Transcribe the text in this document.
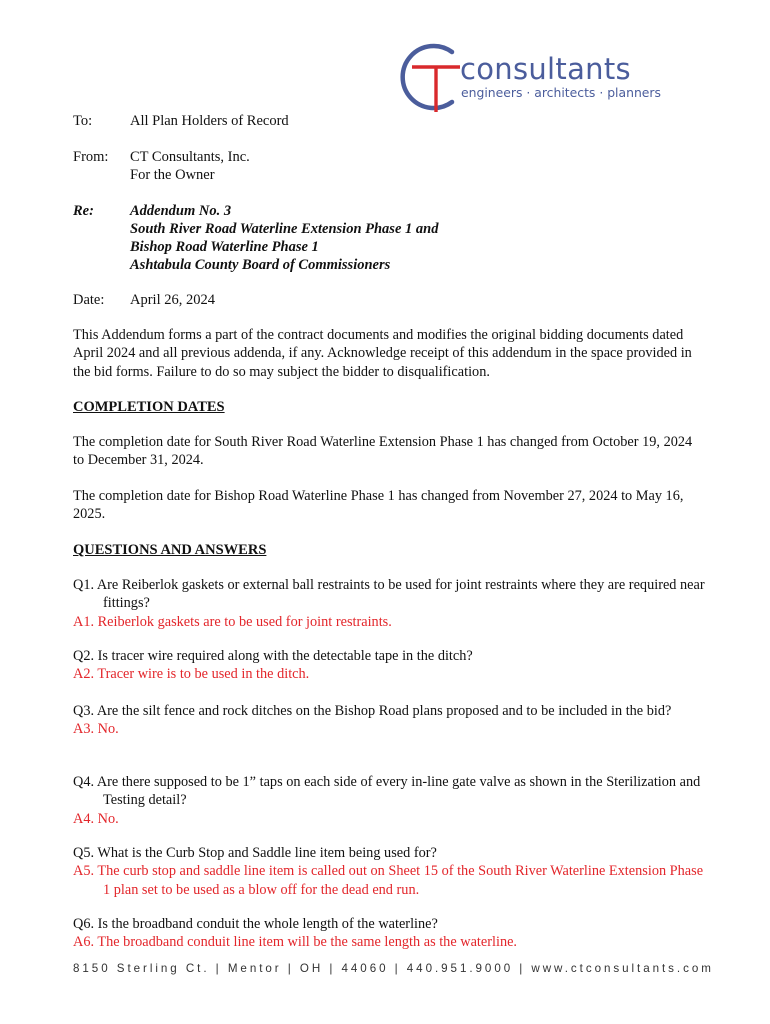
consultants
engineers · architects · planners
To:	All Plan Holders of Record
From:	CT Consultants, Inc.
For the Owner
Re:	Addendum No. 3
South River Road Waterline Extension Phase 1 and
Bishop Road Waterline Phase 1
Ashtabula County Board of Commissioners
Date:	April 26, 2024

This Addendum forms a part of the contract documents and modifies the original bidding documents dated April 2024 and all previous addenda, if any. Acknowledge receipt of this addendum in the space provided in the bid forms. Failure to do so may subject the bidder to disqualification.

COMPLETION DATES

The completion date for South River Road Waterline Extension Phase 1 has changed from October 19, 2024 to December 31, 2024.

The completion date for Bishop Road Waterline Phase 1 has changed from November 27, 2024 to May 16, 2025.

QUESTIONS AND ANSWERS

Q1. Are Reiberlok gaskets or external ball restraints to be used for joint restraints where they are required near fittings?

A1. Reiberlok gaskets are to be used for joint restraints.

Q2. Is tracer wire required along with the detectable tape in the ditch?

A2. Tracer wire is to be used in the ditch.

Q3. Are the silt fence and rock ditches on the Bishop Road plans proposed and to be included in the bid?

A3. No.

Q4. Are there supposed to be 1” taps on each side of every in-line gate valve as shown in the Sterilization and Testing detail?

A4. No.

Q5. What is the Curb Stop and Saddle line item being used for?

A5. The curb stop and saddle line item is called out on Sheet 15 of the South River Waterline Extension Phase 1 plan set to be used as a blow off for the dead end run.

Q6. Is the broadband conduit the whole length of the waterline?

A6. The broadband conduit line item will be the same length as the waterline.

8150 Sterling Ct. | Mentor | OH | 44060 | 440.951.9000 | www.ctconsultants.com
